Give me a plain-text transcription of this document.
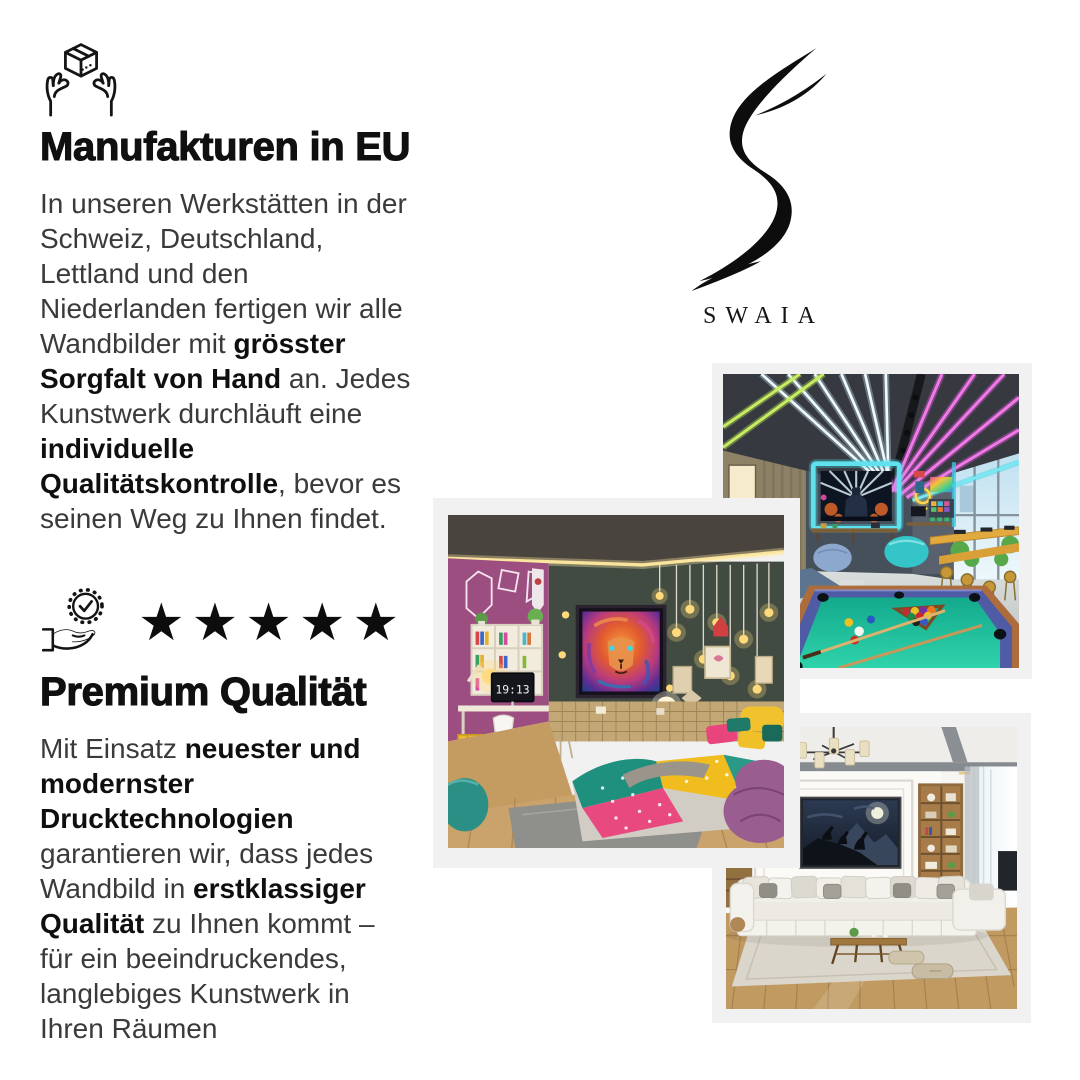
Manufakturen in EU
In unseren Werkstätten in der
Schweiz, Deutschland,
Lettland und den
Niederlanden fertigen wir alle
Wandbilder mit grösster
Sorgfalt von Hand an. Jedes
Kunstwerk durchläuft eine
individuelle
Qualitätskontrolle, bevor es
seinen Weg zu Ihnen findet.
SWAIA
19:13
★★★★★
Premium Qualität
Mit Einsatz neuester und
modernster
Drucktechnologien
garantieren wir, dass jedes
Wandbild in erstklassiger
Qualität zu Ihnen kommt –
für ein beeindruckendes,
langlebiges Kunstwerk in
Ihren Räumen
